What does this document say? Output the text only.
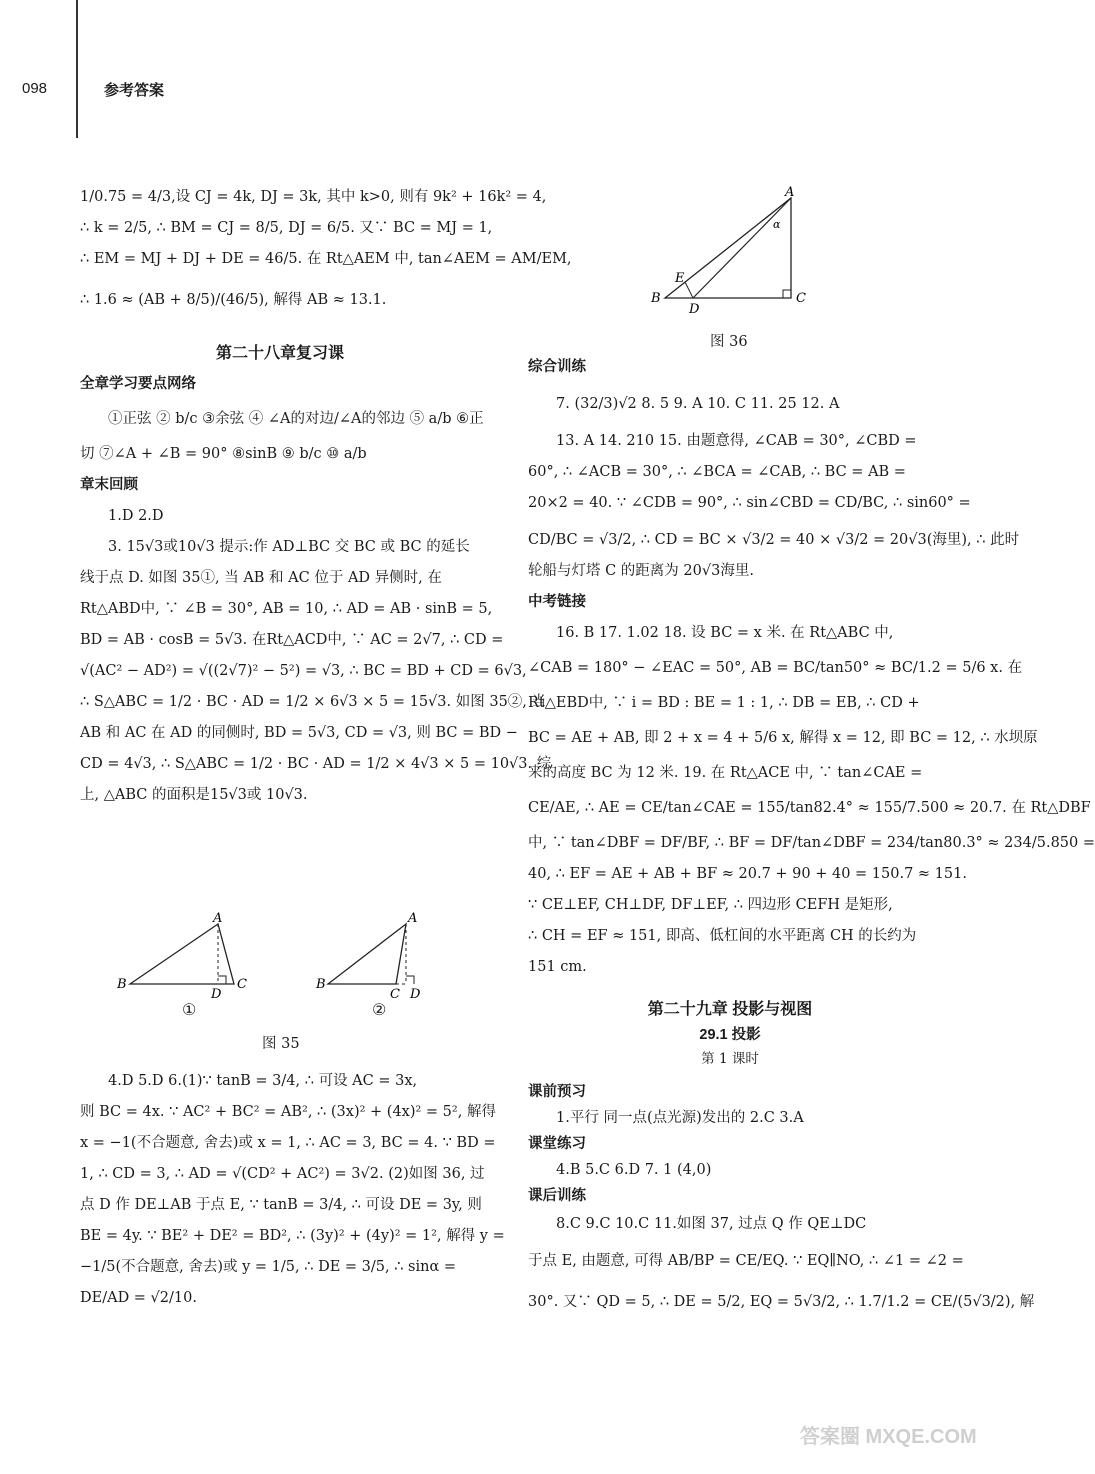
098	参考答案

1/0.75 = 4/3,设 CJ = 4k, DJ = 3k, 其中 k>0, 则有 9k² + 16k² = 4,

∴ k = 2/5, ∴ BM = CJ = 8/5, DJ = 6/5. 又∵ BC = MJ = 1,

∴ EM = MJ + DJ + DE = 46/5. 在 Rt△AEM 中, tan∠AEM = AM/EM,

∴ 1.6 ≈ (AB + 8/5)/(46/5), 解得 AB ≈ 13.1.

第二十八章复习课

全章学习要点网络

①正弦 ② b/c ③余弦 ④ ∠A的对边/∠A的邻边 ⑤ a/b ⑥正

切 ⑦∠A + ∠B = 90° ⑧sinB ⑨ b/c ⑩ a/b

章末回顾

1.D 2.D

3. 15√3或10√3 提示:作 AD⊥BC 交 BC 或 BC 的延长

线于点 D. 如图 35①, 当 AB 和 AC 位于 AD 异侧时, 在

Rt△ABD中, ∵ ∠B = 30°, AB = 10, ∴ AD = AB · sinB = 5,

BD = AB · cosB = 5√3. 在Rt△ACD中, ∵ AC = 2√7, ∴ CD =

√(AC² − AD²) = √((2√7)² − 5²) = √3, ∴ BC = BD + CD = 6√3,

∴ S△ABC = 1/2 · BC · AD = 1/2 × 6√3 × 5 = 15√3. 如图 35②, 当

AB 和 AC 在 AD 的同侧时, BD = 5√3, CD = √3, 则 BC = BD −

CD = 4√3, ∴ S△ABC = 1/2 · BC · AD = 1/2 × 4√3 × 5 = 10√3. 综

上, △ABC 的面积是15√3或 10√3.

B
A
C
D
B
A
C D
①	②
图 35

4.D 5.D 6.(1)∵ tanB = 3/4, ∴ 可设 AC = 3x,

则 BC = 4x. ∵ AC² + BC² = AB², ∴ (3x)² + (4x)² = 5², 解得

x = −1(不合题意, 舍去)或 x = 1, ∴ AC = 3, BC = 4. ∵ BD =

1, ∴ CD = 3, ∴ AD = √(CD² + AC²) = 3√2. (2)如图 36, 过

点 D 作 DE⊥AB 于点 E, ∵ tanB = 3/4, ∴ 可设 DE = 3y, 则

BE = 4y. ∵ BE² + DE² = BD², ∴ (3y)² + (4y)² = 1², 解得 y =

−1/5(不合题意, 舍去)或 y = 1/5, ∴ DE = 3/5, ∴ sinα =

DE/AD = √2/10.

A
B	C
D
E
α
图 36

综合训练

7. (32/3)√2 8. 5 9. A 10. C 11. 25 12. A

13. A 14. 210 15. 由题意得, ∠CAB = 30°, ∠CBD =

60°, ∴ ∠ACB = 30°, ∴ ∠BCA = ∠CAB, ∴ BC = AB =

20×2 = 40. ∵ ∠CDB = 90°, ∴ sin∠CBD = CD/BC, ∴ sin60° =

CD/BC = √3/2, ∴ CD = BC × √3/2 = 40 × √3/2 = 20√3(海里), ∴ 此时

轮船与灯塔 C 的距离为 20√3海里.

中考链接

16. B 17. 1.02 18. 设 BC = x 米. 在 Rt△ABC 中,

∠CAB = 180° − ∠EAC = 50°, AB = BC/tan50° ≈ BC/1.2 = 5/6 x. 在

Rt△EBD中, ∵ i = BD : BE = 1 : 1, ∴ DB = EB, ∴ CD +

BC = AE + AB, 即 2 + x = 4 + 5/6 x, 解得 x = 12, 即 BC = 12, ∴ 水坝原

来的高度 BC 为 12 米. 19. 在 Rt△ACE 中, ∵ tan∠CAE =

CE/AE, ∴ AE = CE/tan∠CAE = 155/tan82.4° ≈ 155/7.500 ≈ 20.7. 在 Rt△DBF

中, ∵ tan∠DBF = DF/BF, ∴ BF = DF/tan∠DBF = 234/tan80.3° ≈ 234/5.850 =

40, ∴ EF = AE + AB + BF ≈ 20.7 + 90 + 40 = 150.7 ≈ 151.

∵ CE⊥EF, CH⊥DF, DF⊥EF, ∴ 四边形 CEFH 是矩形,

∴ CH = EF ≈ 151, 即高、低杠间的水平距离 CH 的长约为

151 cm.

第二十九章 投影与视图

29.1 投影

第 1 课时

课前预习

1.平行 同一点(点光源)发出的 2.C 3.A

课堂练习

4.B 5.C 6.D 7. 1 (4,0)

课后训练

8.C 9.C 10.C 11.如图 37, 过点 Q 作 QE⊥DC

于点 E, 由题意, 可得 AB/BP = CE/EQ. ∵ EQ∥NO, ∴ ∠1 = ∠2 =

30°. 又∵ QD = 5, ∴ DE = 5/2, EQ = 5√3/2, ∴ 1.7/1.2 = CE/(5√3/2), 解

答案圈 MXQE.COM
